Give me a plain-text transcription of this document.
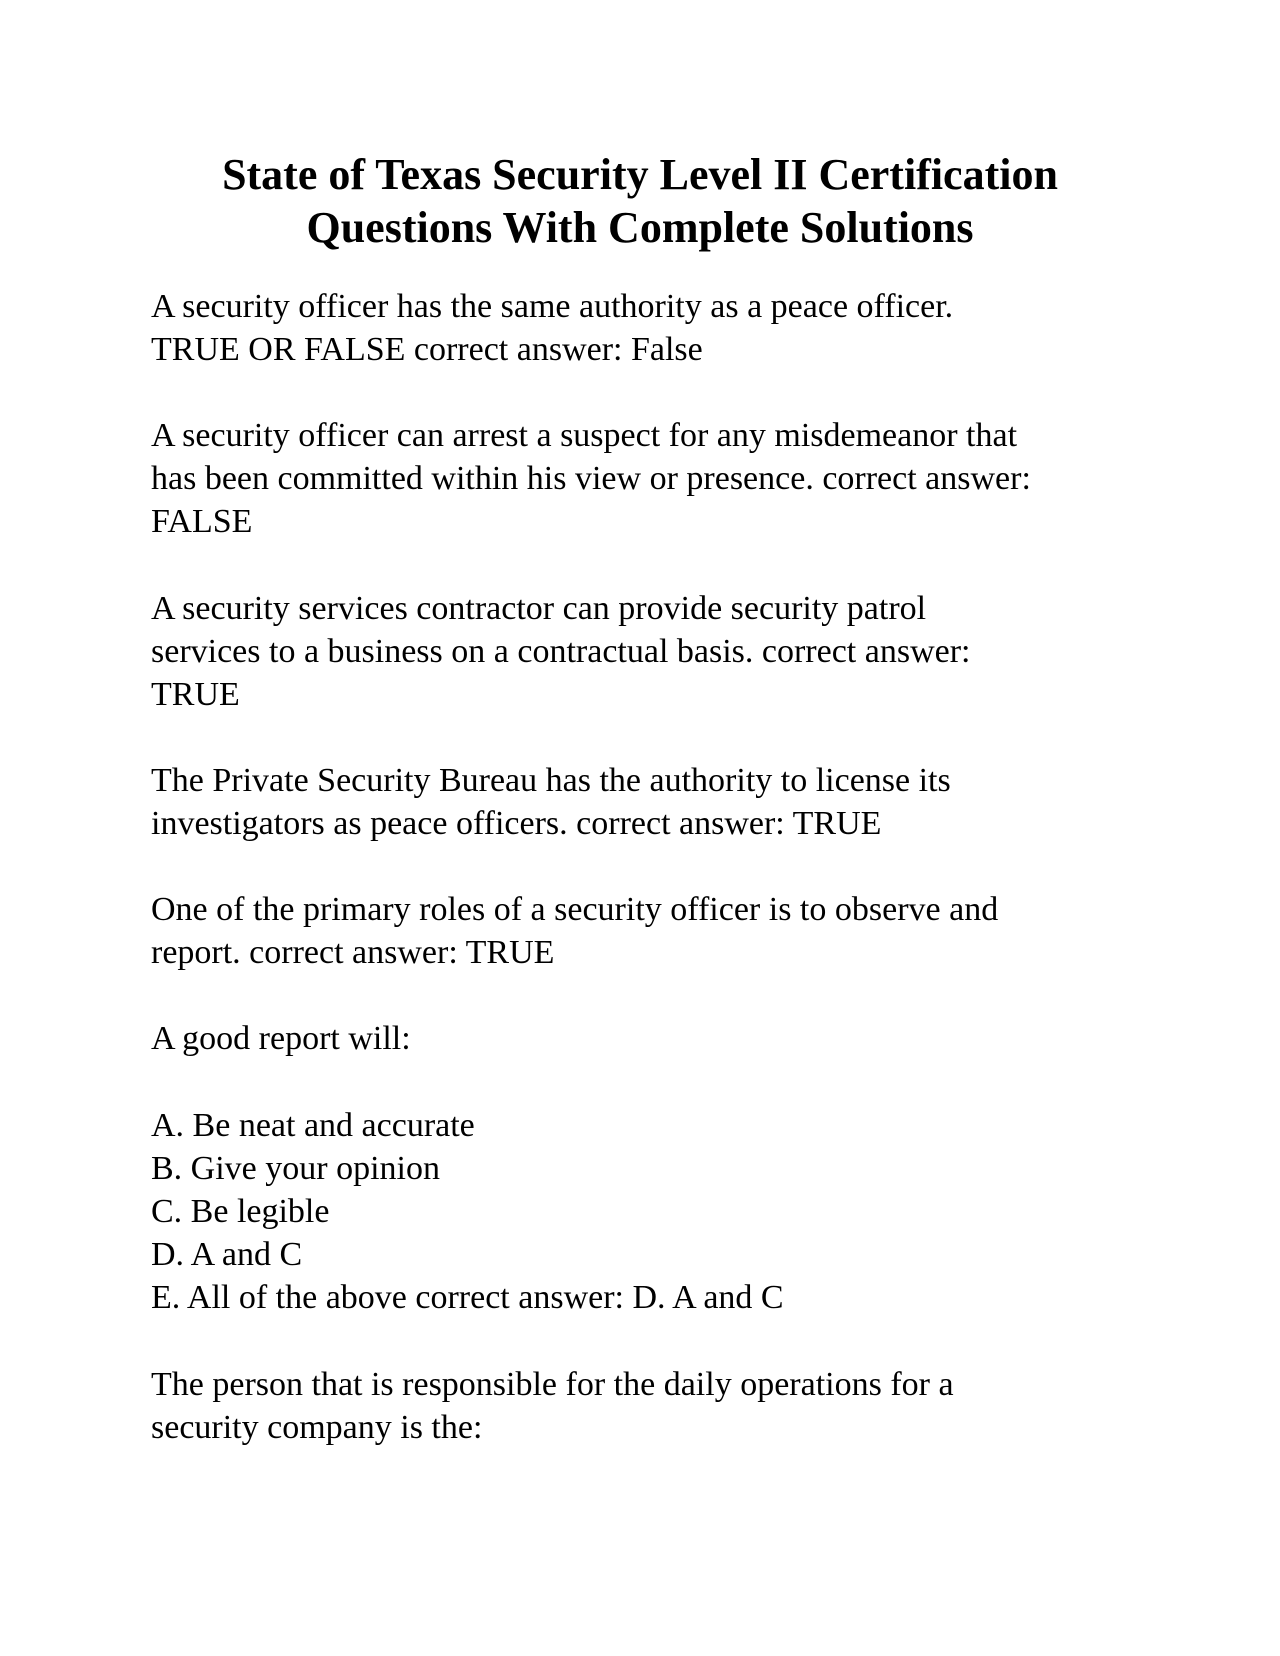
State of Texas Security Level II Certification
Questions With Complete Solutions

A security officer has the same authority as a peace officer.
TRUE OR FALSE correct answer: False

A security officer can arrest a suspect for any misdemeanor that
has been committed within his view or presence. correct answer:
FALSE

A security services contractor can provide security patrol
services to a business on a contractual basis. correct answer:
TRUE

The Private Security Bureau has the authority to license its
investigators as peace officers. correct answer: TRUE

One of the primary roles of a security officer is to observe and
report. correct answer: TRUE

A good report will:

A. Be neat and accurate
B. Give your opinion
C. Be legible
D. A and C
E. All of the above correct answer: D. A and C

The person that is responsible for the daily operations for a
security company is the:
